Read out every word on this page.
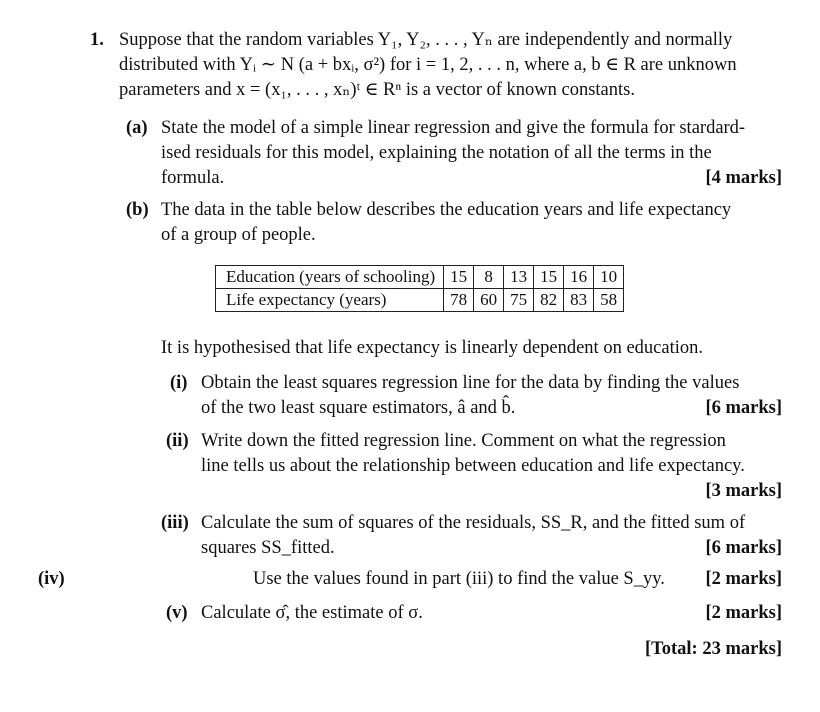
1. Suppose that the random variables Y₁, Y₂, . . . , Yₙ are independently and normally
distributed with Yᵢ ∼ N (a + bxᵢ, σ²) for i = 1, 2, . . . n, where a, b ∈ R are unknown
parameters and x = (x₁, . . . , xₙ)ᵗ ∈ Rⁿ is a vector of known constants.
(a) State the model of a simple linear regression and give the formula for stardard-
ised residuals for this model, explaining the notation of all the terms in the
formula.	[4 marks]
(b) The data in the table below describes the education years and life expectancy
of a group of people.
Education (years of schooling)	15	8	13	15	16	10
Life expectancy (years)	78	60	75	82	83	58
It is hypothesised that life expectancy is linearly dependent on education.
(i) Obtain the least squares regression line for the data by finding the values
of the two least square estimators, â and b̂.	[6 marks]
(ii) Write down the fitted regression line. Comment on what the regression
line tells us about the relationship between education and life expectancy.
[3 marks]
(iii) Calculate the sum of squares of the residuals, SS_R, and the fitted sum of
squares SS_fitted.	[6 marks]
(iv)	Use the values found in part (iii) to find the value S_yy. [2 marks]
(v) Calculate σ̂, the estimate of σ.	[2 marks]
[Total: 23 marks]
